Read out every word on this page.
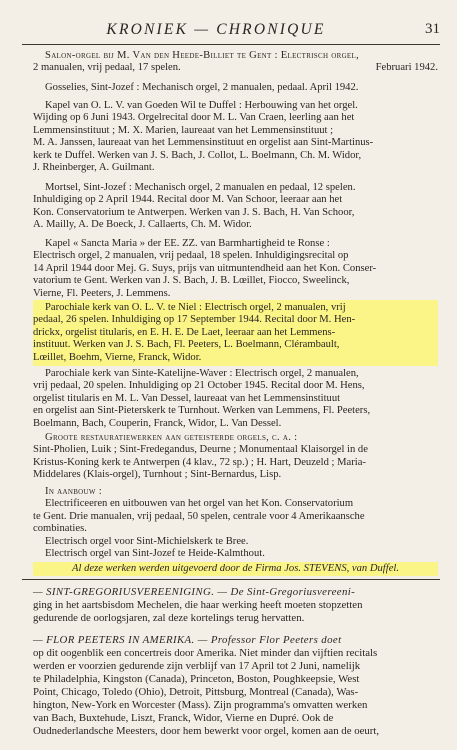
KRONIEK — CHRONIQUE	31
Salon-orgel bij M. Van den Heede-Billiet te Gent : Electrisch orgel,
2 manualen, vrij pedaal, 17 spelen.	Februari 1942.
Gosselies, Sint-Jozef : Mechanisch orgel, 2 manualen, pedaal. April 1942.
Kapel van O. L. V. van Goeden Wil te Duffel : Herbouwing van het orgel.
Wijding op 6 Juni 1943. Orgelrecital door M. L. Van Craen, leerling aan het
Lemmensinstituut ; M. X. Marien, laureaat van het Lemmensinstituut ;
M. A. Janssen, laureaat van het Lemmensinstituut en orgelist aan Sint-Martinus-
kerk te Duffel. Werken van J. S. Bach, J. Collot, L. Boelmann, Ch. M. Widor,
J. Rheinberger, A. Guilmant.
Mortsel, Sint-Jozef : Mechanisch orgel, 2 manualen en pedaal, 12 spelen.
Inhuldiging op 2 April 1944. Recital door M. Van Schoor, leeraar aan het
Kon. Conservatorium te Antwerpen. Werken van J. S. Bach, H. Van Schoor,
A. Mailly, A. De Boeck, J. Callaerts, Ch. M. Widor.
Kapel « Sancta Maria » der EE. ZZ. van Barmhartigheid te Ronse :
Electrisch orgel, 2 manualen, vrij pedaal, 18 spelen. Inhuldigingsrecital op
14 April 1944 door Mej. G. Suys, prijs van uitmuntendheid aan het Kon. Conser-
vatorium te Gent. Werken van J. S. Bach, J. B. Lœillet, Fiocco, Sweelinck,
Vierne, Fl. Peeters, J. Lemmens.
Parochiale kerk van O. L. V. te Niel : Electrisch orgel, 2 manualen, vrij
pedaal, 26 spelen. Inhuldiging op 17 September 1944. Recital door M. Hen-
drickx, orgelist titularis, en E. H. E. De Laet, leeraar aan het Lemmens-
instituut. Werken van J. S. Bach, Fl. Peeters, L. Boelmann, Clérambault,
Lœillet, Boehm, Vierne, Franck, Widor.
Parochiale kerk van Sinte-Katelijne-Waver : Electrisch orgel, 2 manualen,
vrij pedaal, 20 spelen. Inhuldiging op 21 October 1945. Recital door M. Hens,
orgelist titularis en M. L. Van Dessel, laureaat van het Lemmensinstituut
en orgelist aan Sint-Pieterskerk te Turnhout. Werken van Lemmens, Fl. Peeters,
Boelmann, Bach, Couperin, Franck, Widor, L. Van Dessel.
Groote restauratiewerken aan geteisterde orgels, c. a. :
Sint-Pholien, Luik ; Sint-Fredegandus, Deurne ; Monumentaal Klaisorgel in de
Kristus-Koning kerk te Antwerpen (4 klav., 72 sp.) ; H. Hart, Deuzeld ; Maria-
Middelares (Klais-orgel), Turnhout ; Sint-Bernardus, Lisp.
In aanbouw :
Electrificeeren en uitbouwen van het orgel van het Kon. Conservatorium
te Gent. Drie manualen, vrij pedaal, 50 spelen, centrale voor 4 Amerikaansche
combinaties.
Electrisch orgel voor Sint-Michielskerk te Bree.
Electrisch orgel van Sint-Jozef te Heide-Kalmthout.
Al deze werken werden uitgevoerd door de Firma Jos. STEVENS, van Duffel.
— SINT-GREGORIUSVEREENIGING. — De Sint-Gregoriusvereeni-
ging in het aartsbisdom Mechelen, die haar werking heeft moeten stopzetten
gedurende de oorlogsjaren, zal deze kortelings terug hervatten.
— FLOR PEETERS IN AMERIKA. — Professor Flor Peeters doet
op dit oogenblik een concertreis door Amerika. Niet minder dan vijftien recitals
werden er voorzien gedurende zijn verblijf van 17 April tot 2 Juni, namelijk
te Philadelphia, Kingston (Canada), Princeton, Boston, Poughkeepsie, West
Point, Chicago, Toledo (Ohio), Detroit, Pittsburg, Montreal (Canada), Was-
hington, New-York en Worcester (Mass). Zijn programma's omvatten werken
van Bach, Buxtehude, Liszt, Franck, Widor, Vierne en Dupré. Ook de
Oudnederlandsche Meesters, door hem bewerkt voor orgel, komen aan de oeurt,
